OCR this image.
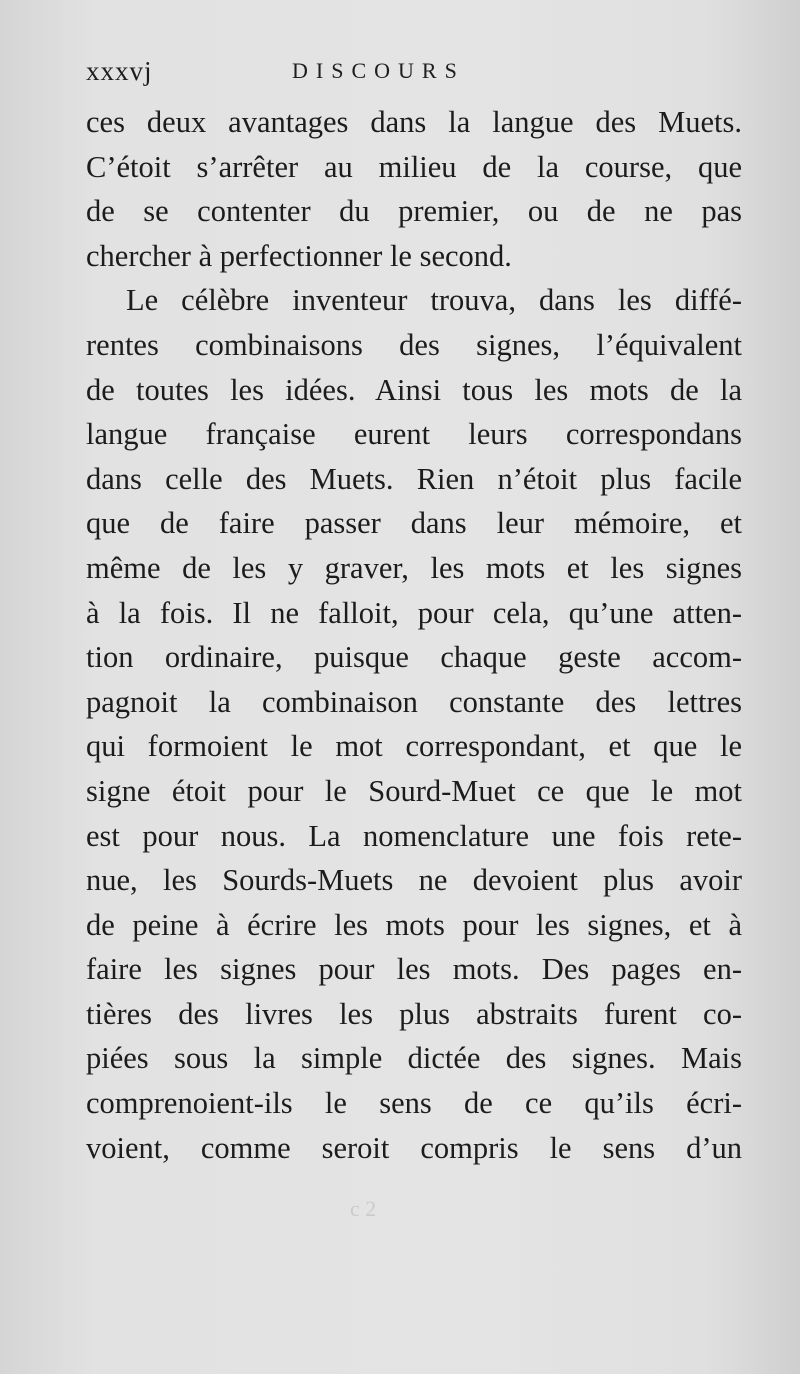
xxxvj	DISCOURS
ces deux avantages dans la langue des Muets.
C’étoit s’arrêter au milieu de la course, que
de se contenter du premier, ou de ne pas
chercher à perfectionner le second.
Le célèbre inventeur trouva, dans les diffé-
rentes combinaisons des signes, l’équivalent
de toutes les idées. Ainsi tous les mots de la
langue française eurent leurs correspondans
dans celle des Muets. Rien n’étoit plus facile
que de faire passer dans leur mémoire, et
même de les y graver, les mots et les signes
à la fois. Il ne falloit, pour cela, qu’une atten-
tion ordinaire, puisque chaque geste accom-
pagnoit la combinaison constante des lettres
qui formoient le mot correspondant, et que le
signe étoit pour le Sourd-Muet ce que le mot
est pour nous. La nomenclature une fois rete-
nue, les Sourds-Muets ne devoient plus avoir
de peine à écrire les mots pour les signes, et à
faire les signes pour les mots. Des pages en-
tières des livres les plus abstraits furent co-
piées sous la simple dictée des signes. Mais
comprenoient-ils le sens de ce qu’ils écri-
voient, comme seroit compris le sens d’un
c 2
